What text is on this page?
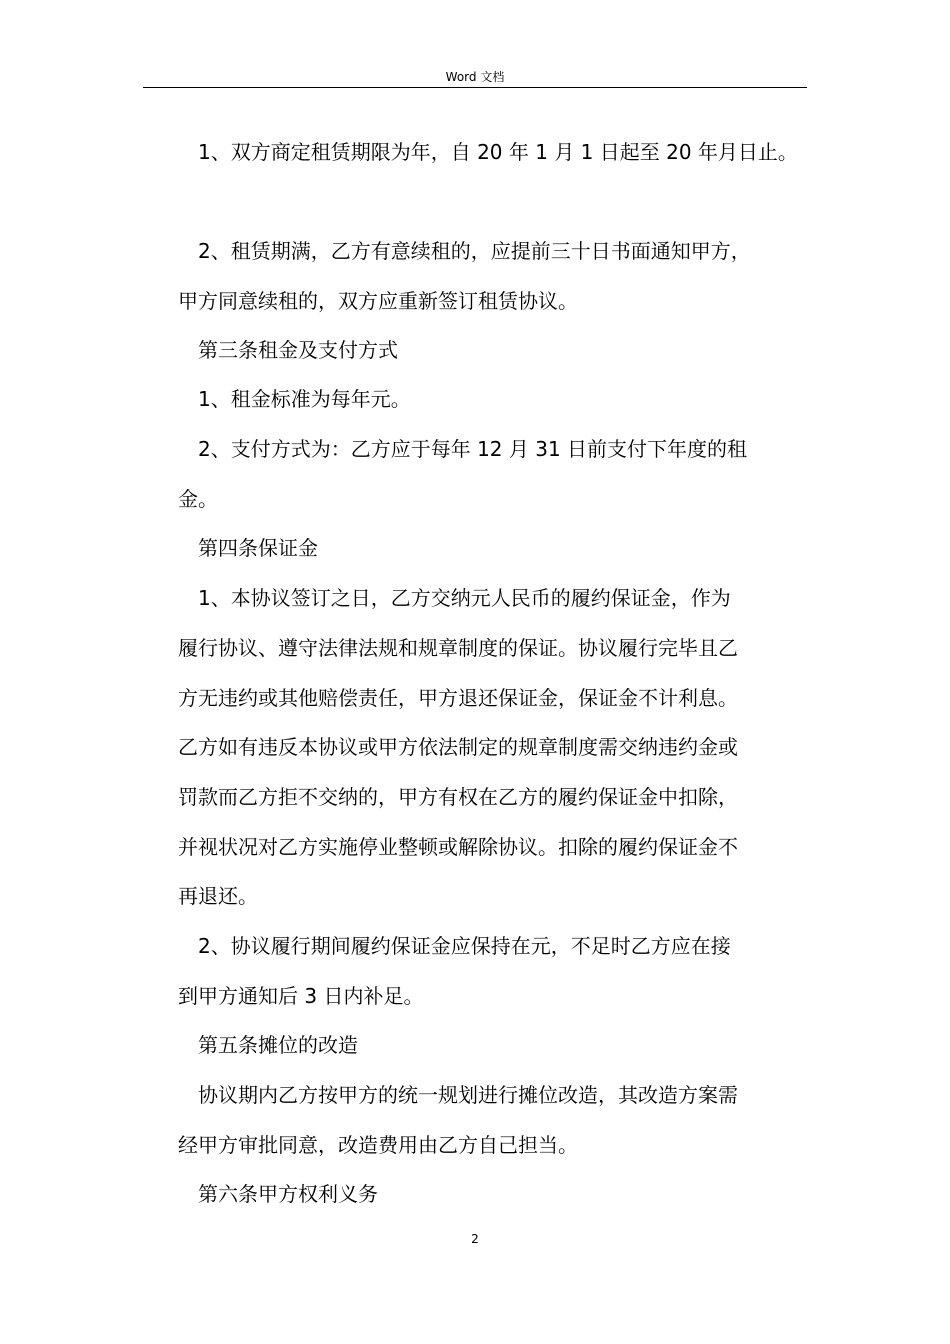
Word 文档
1、双方商定租赁期限为年，自 20 年 1 月 1 日起至 20 年月日止。
2、租赁期满，乙方有意续租的，应提前三十日书面通知甲方，
甲方同意续租的，双方应重新签订租赁协议。
第三条租金及支付方式
1、租金标准为每年元。
2、支付方式为：乙方应于每年 12 月 31 日前支付下年度的租
金。
第四条保证金
1、本协议签订之日，乙方交纳元人民币的履约保证金，作为
履行协议、遵守法律法规和规章制度的保证。协议履行完毕且乙
方无违约或其他赔偿责任，甲方退还保证金，保证金不计利息。
乙方如有违反本协议或甲方依法制定的规章制度需交纳违约金或
罚款而乙方拒不交纳的，甲方有权在乙方的履约保证金中扣除，
并视状况对乙方实施停业整顿或解除协议。扣除的履约保证金不
再退还。
2、协议履行期间履约保证金应保持在元，不足时乙方应在接
到甲方通知后 3 日内补足。
第五条摊位的改造
协议期内乙方按甲方的统一规划进行摊位改造，其改造方案需
经甲方审批同意，改造费用由乙方自己担当。
第六条甲方权利义务
2
